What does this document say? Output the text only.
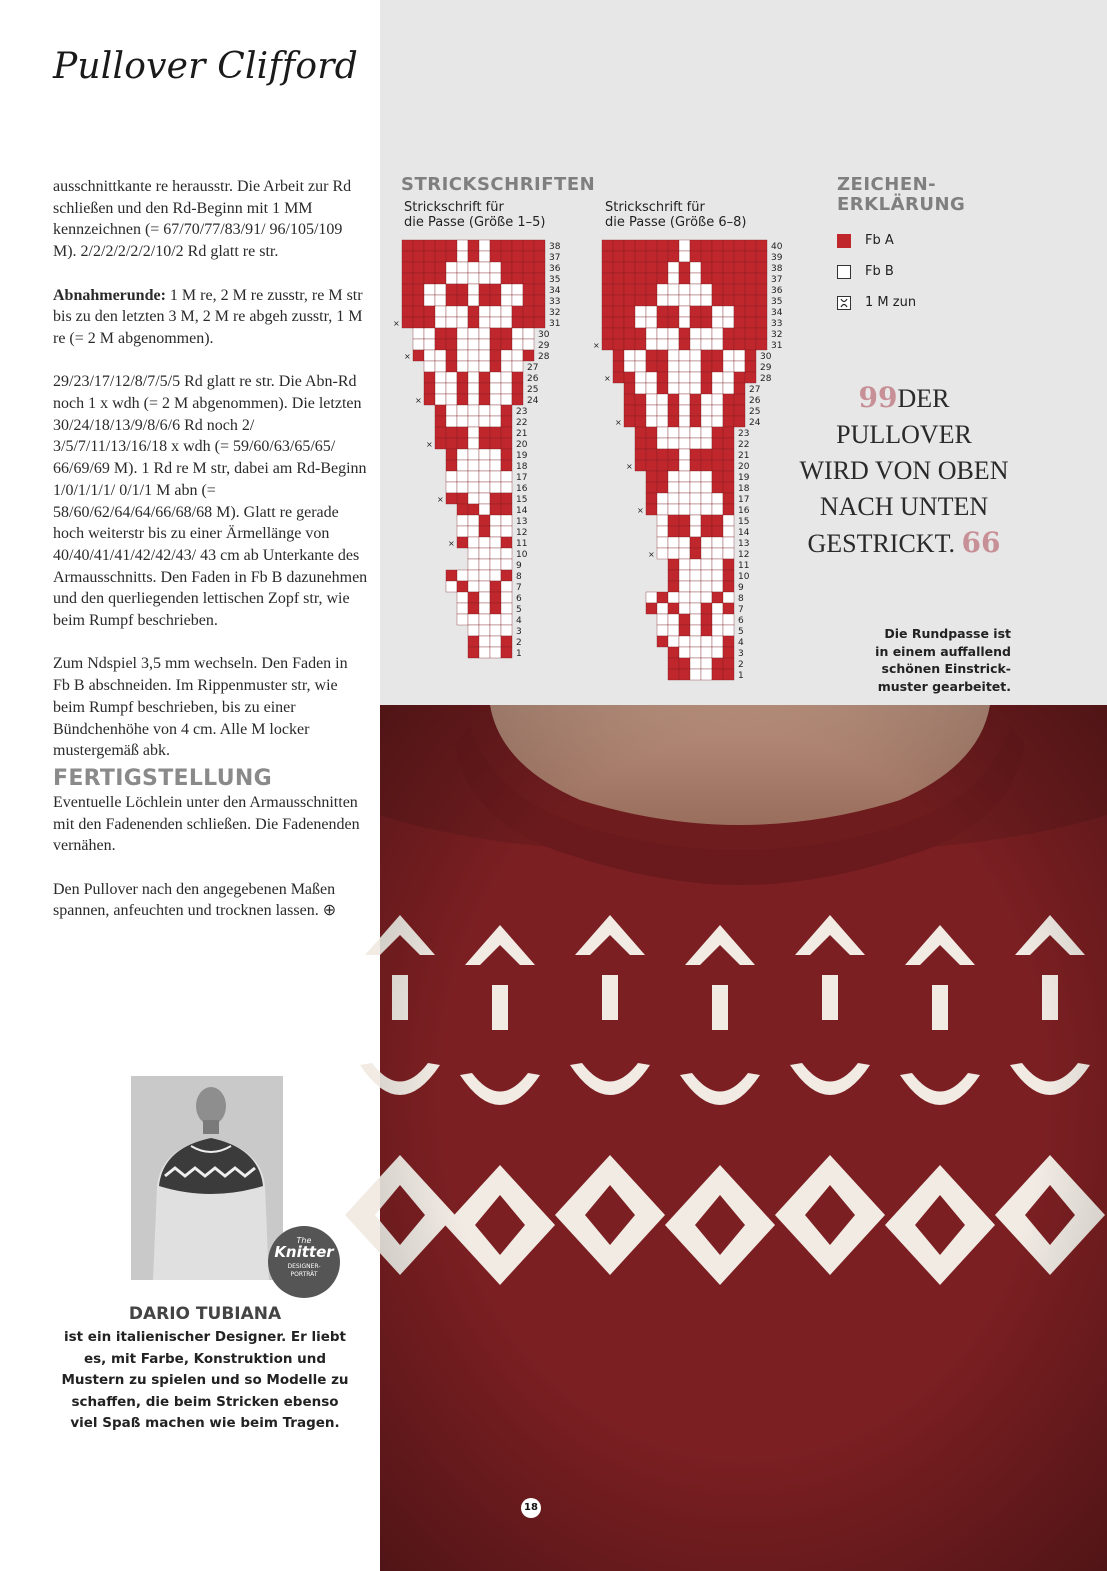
Pullover Clifford

ausschnittkante re herausstr. Die Arbeit zur Rd schließen und den Rd-Beginn mit 1 MM kennzeichnen (= 67/70/77/83/91/ 96/105/109 M). 2/2/2/2/2/2/10/2 Rd glatt re str.

Abnahmerunde: 1 M re, 2 M re zusstr, re M str bis zu den letzten 3 M, 2 M re abgeh zusstr, 1 M re (= 2 M abgenommen).

29/23/17/12/8/7/5/5 Rd glatt re str. Die Abn-Rd noch 1 x wdh (= 2 M abgenommen). Die letzten 30/24/18/13/9/8/6/6 Rd noch 2/ 3/5/7/11/13/16/18 x wdh (= 59/60/63/65/65/ 66/69/69 M). 1 Rd re M str, dabei am Rd-Beginn 1/0/1/1/1/ 0/1/1 M abn (= 58/60/62/64/64/66/68/68 M). Glatt re gerade hoch weiterstr bis zu einer Ärmellänge von 40/40/41/41/42/42/43/ 43 cm ab Unterkante des Armausschnitts. Den Faden in Fb B dazunehmen und den querliegenden lettischen Zopf str, wie beim Rumpf beschrieben.

Zum Ndspiel 3,5 mm wechseln. Den Faden in Fb B abschneiden. Im Rippenmuster str, wie beim Rumpf beschrieben, bis zu einer Bündchenhöhe von 4 cm. Alle M locker mustergemäß abk.

FERTIGSTELLUNG

Eventuelle Löchlein unter den Armausschnitten mit den Fadenenden schließen. Die Fadenenden vernähen.

Den Pullover nach den angegebenen Maßen spannen, anfeuchten und trocknen lassen. ⊕

STRICKSCHRIFTEN
Strickschrift für
die Passe (Größe 1–5)
Strickschrift für
die Passe (Größe 6–8)
38
37
36
35
34
33
32
31
×
30
29
28
×
27
26
25
24
×
23
22
21
20
×
19
18
17
16
15
×
14
13
12
11
×
10
9
8
7
6
5
4
3
2
1
40
39
38
37
36
35
34
33
32
31
×
30
29
28
×
27
26
25
24
×
23
22
21
20
×
19
18
17
16
×
15
14
13
12
×
11
10
9
8
7
6
5
4
3
2
1
ZEICHEN-
ERKLÄRUNG
Fb A
Fb B
1 M zun
99DER
PULLOVER
WIRD VON OBEN
NACH UNTEN
GESTRICKT. 66
Die Rundpasse ist
in einem auffallend
schönen Einstrick-
muster gearbeitet.
The
Knitter
DESIGNER-
PORTRÄT
DARIO TUBIANA
ist ein italienischer Designer. Er liebt es, mit Farbe, Konstruktion und Mustern zu spielen und so Modelle zu schaffen, die beim Stricken ebenso viel Spaß machen wie beim Tragen.
18
